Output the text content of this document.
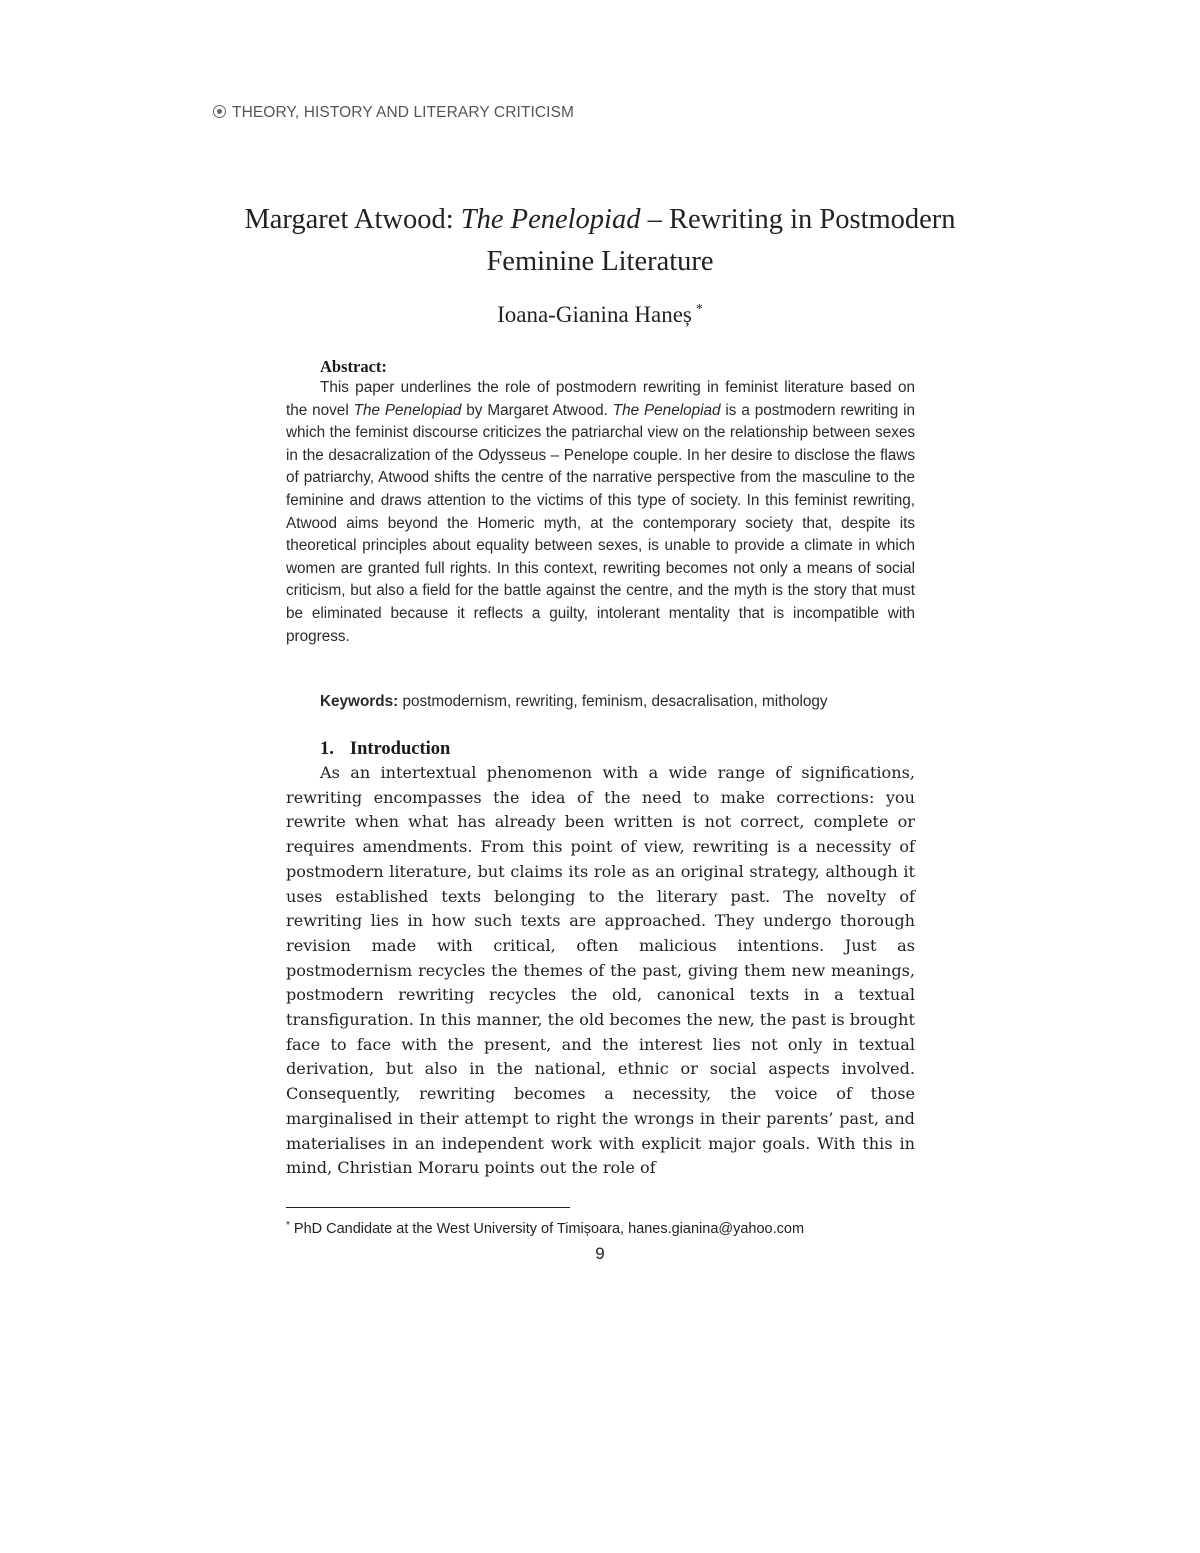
THEORY, HISTORY AND LITERARY CRITICISM
Margaret Atwood: The Penelopiad – Rewriting in Postmodern Feminine Literature
Ioana-Gianina Haneș *
Abstract:

This paper underlines the role of postmodern rewriting in feminist literature based on the novel The Penelopiad by Margaret Atwood. The Penelopiad is a postmodern rewriting in which the feminist discourse criticizes the patriarchal view on the relationship between sexes in the desacralization of the Odysseus – Penelope couple. In her desire to disclose the flaws of patriarchy, Atwood shifts the centre of the narrative perspective from the masculine to the feminine and draws attention to the victims of this type of society. In this feminist rewriting, Atwood aims beyond the Homeric myth, at the contemporary society that, despite its theoretical principles about equality between sexes, is unable to provide a climate in which women are granted full rights. In this context, rewriting becomes not only a means of social criticism, but also a field for the battle against the centre, and the myth is the story that must be eliminated because it reflects a guilty, intolerant mentality that is incompatible with progress.

Keywords: postmodernism, rewriting, feminism, desacralisation, mithology
1. Introduction

As an intertextual phenomenon with a wide range of significations, rewriting encompasses the idea of the need to make corrections: you rewrite when what has already been written is not correct, complete or requires amendments. From this point of view, rewriting is a necessity of postmodern literature, but claims its role as an original strategy, although it uses established texts belonging to the literary past. The novelty of rewriting lies in how such texts are approached. They undergo thorough revision made with critical, often malicious intentions. Just as postmodernism recycles the themes of the past, giving them new meanings, postmodern rewriting recycles the old, canonical texts in a textual transfiguration. In this manner, the old becomes the new, the past is brought face to face with the present, and the interest lies not only in textual derivation, but also in the national, ethnic or social aspects involved. Consequently, rewriting becomes a necessity, the voice of those marginalised in their attempt to right the wrongs in their parents’ past, and materialises in an independent work with explicit major goals. With this in mind, Christian Moraru points out the role of

* PhD Candidate at the West University of Timișoara, hanes.gianina@yahoo.com
9
